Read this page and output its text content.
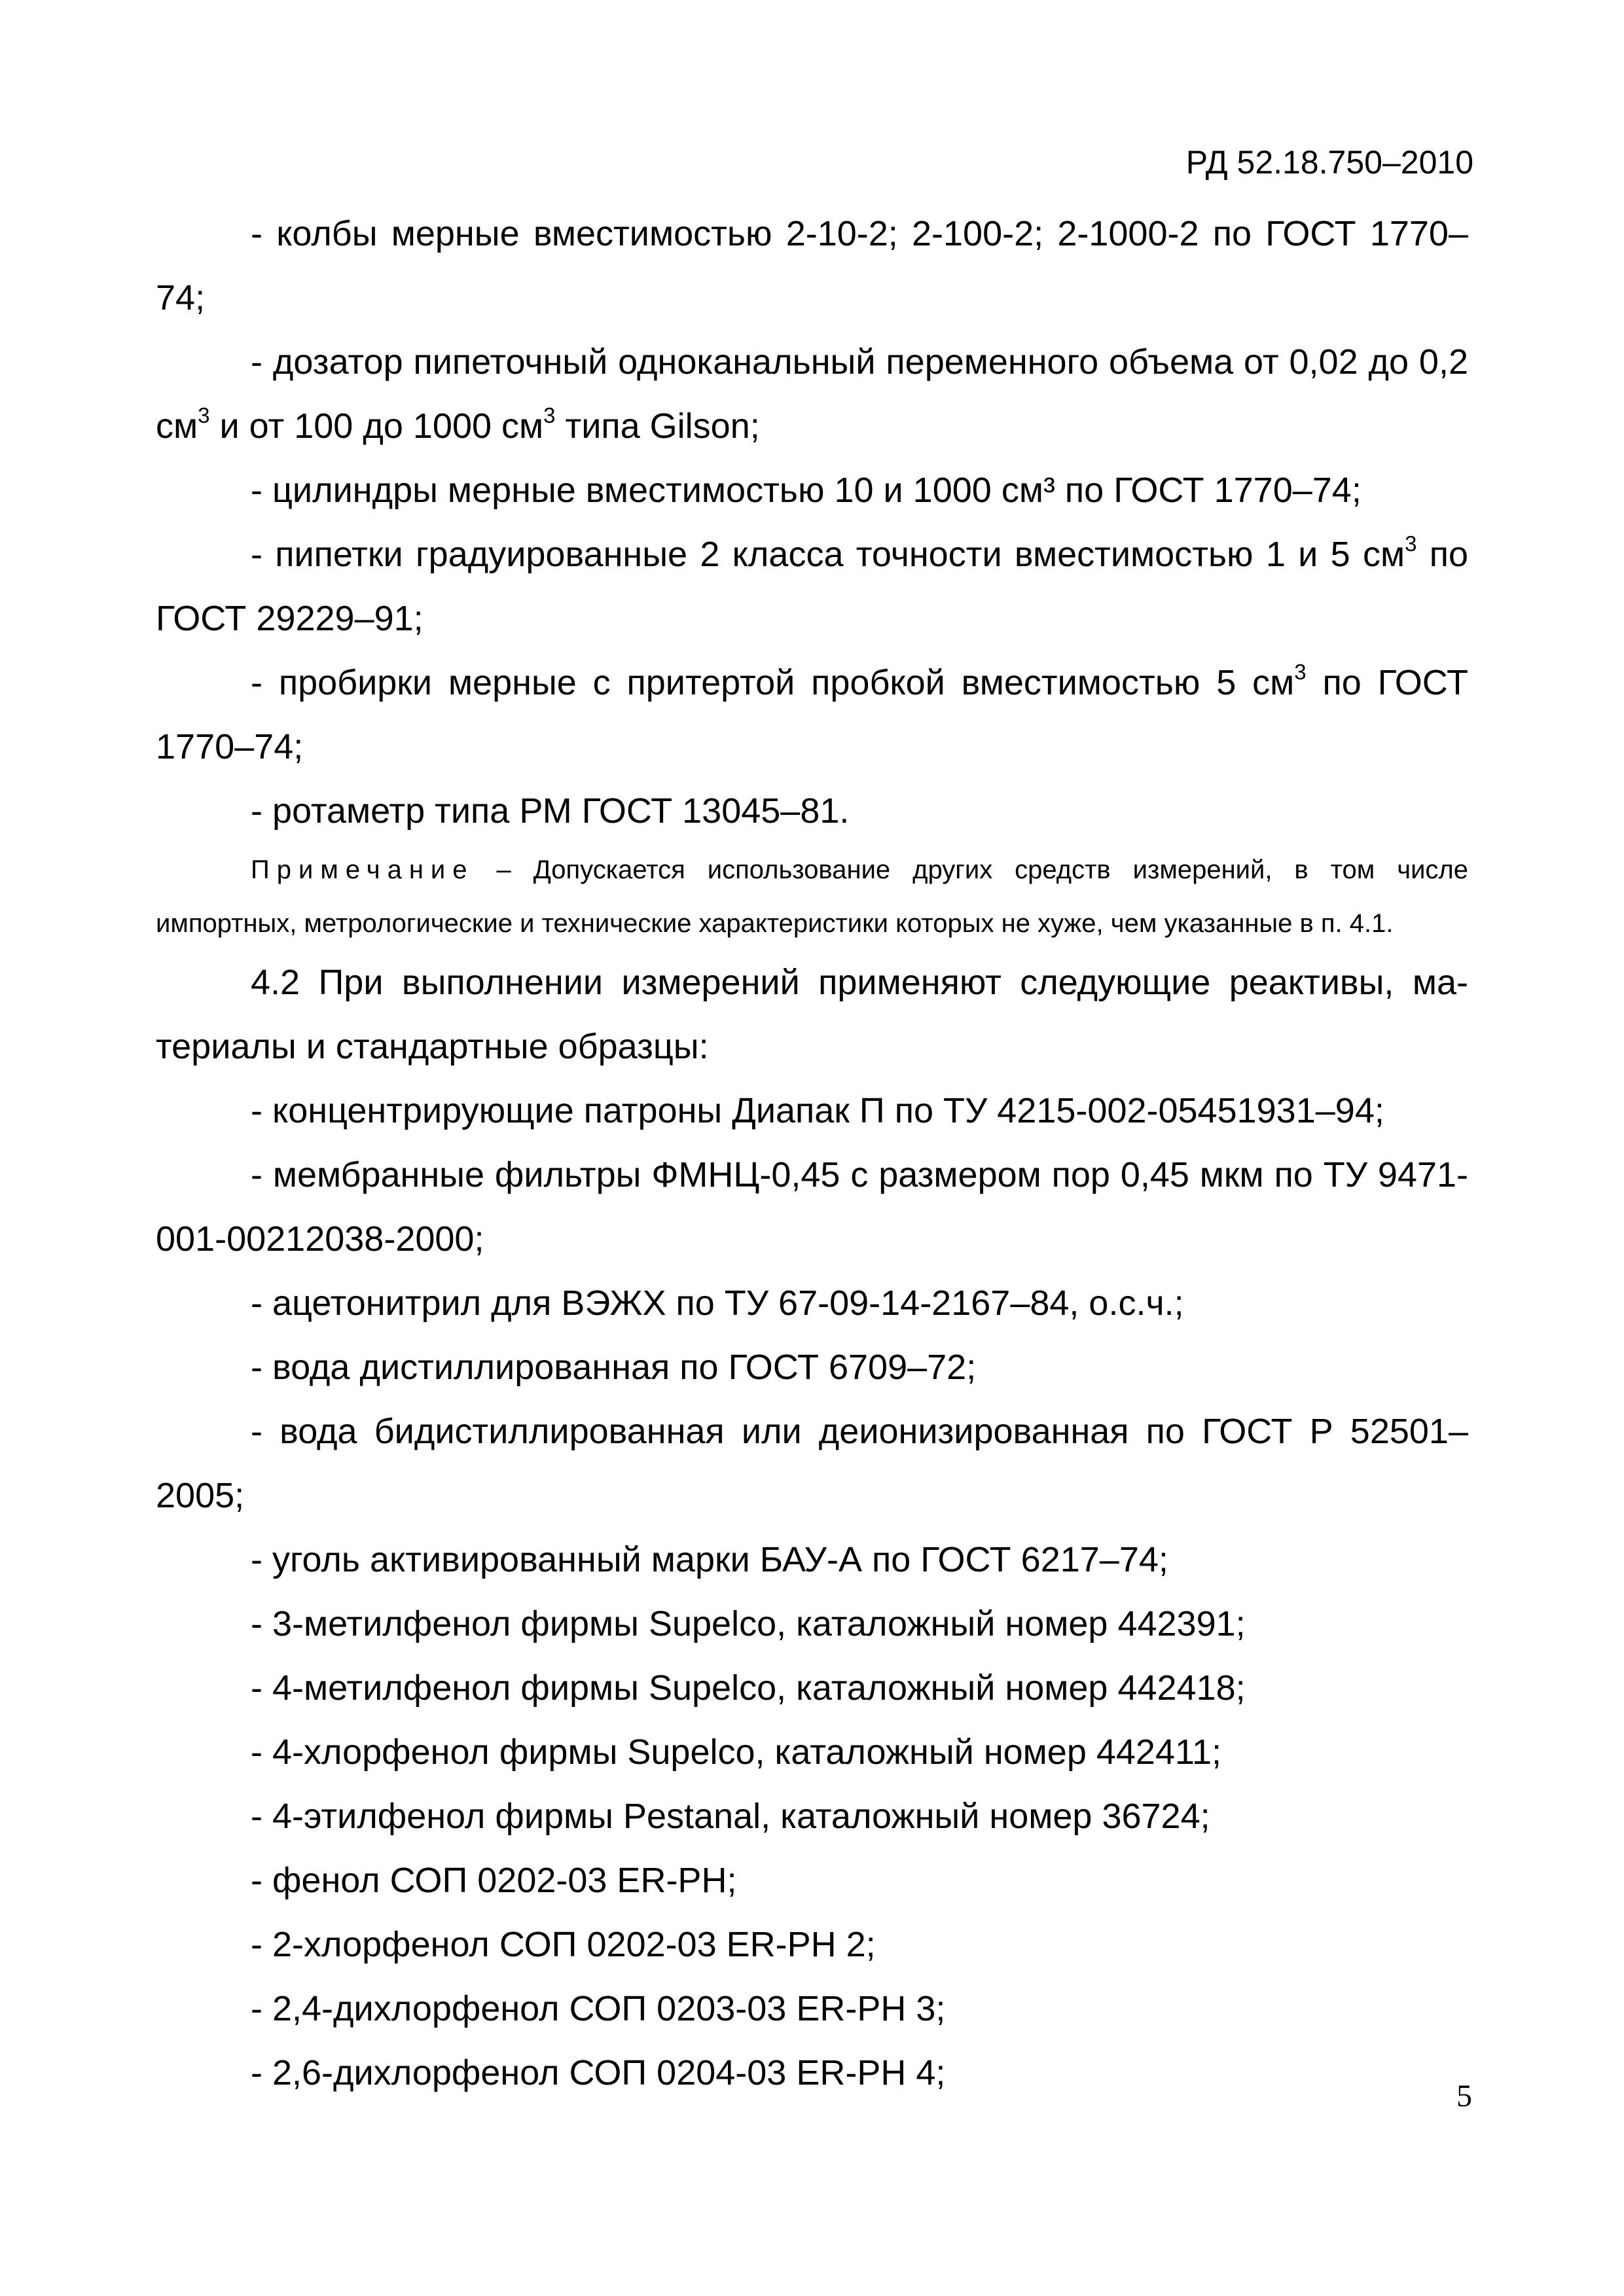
РД 52.18.750–2010

- колбы мерные вместимостью 2-10-2; 2-100-2; 2-1000-2 по ГОСТ 1770–74;

- дозатор пипеточный одноканальный переменного объема от 0,02 до 0,2 $см^3$ и от 100 до 1000 $см^3$ типа Gilson;

- цилиндры мерные вместимостью 10 и 1000 см³ по ГОСТ 1770–74;

- пипетки градуированные 2 класса точности вместимостью 1 и 5 $см^3$ по ГОСТ 29229–91;

- пробирки мерные с притертой пробкой вместимостью 5 $см^3$ по ГОСТ 1770–74;

- ротаметр типа РМ ГОСТ 13045–81.

Примечание – Допускается использование других средств измерений, в том числе импортных, метрологические и технические характеристики которых не хуже, чем указанные в п. 4.1.

4.2 При выполнении измерений применяют следующие реактивы, ма-териалы и стандартные образцы:

- концентрирующие патроны Диапак П по ТУ 4215-002-05451931–94;

- мембранные фильтры ФМНЦ-0,45 с размером пор 0,45 мкм по ТУ 9471-001-00212038-2000;

- ацетонитрил для ВЭЖХ по ТУ 67-09-14-2167–84, о.с.ч.;

- вода дистиллированная по ГОСТ 6709–72;

- вода бидистиллированная или деионизированная по ГОСТ Р 52501–2005;

- уголь активированный марки БАУ-А по ГОСТ 6217–74;

- 3-метилфенол фирмы Supelco, каталожный номер 442391;

- 4-метилфенол фирмы Supelco, каталожный номер 442418;

- 4-хлорфенол фирмы Supelco, каталожный номер 442411;

- 4-этилфенол фирмы Pestanal, каталожный номер 36724;

- фенол СОП 0202-03 ER-PH;

- 2-хлорфенол СОП 0202-03 ER-PH 2;

- 2,4-дихлорфенол СОП 0203-03 ER-PH 3;

- 2,6-дихлорфенол СОП 0204-03 ER-PH 4;

5
